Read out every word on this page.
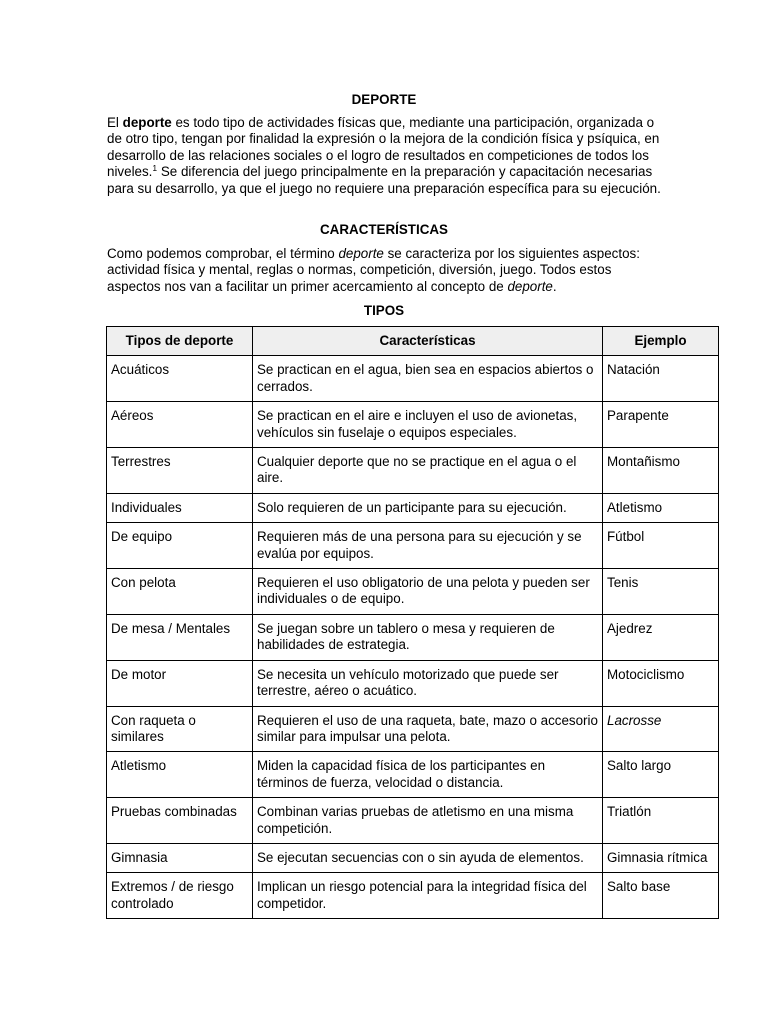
DEPORTE

El deporte es todo tipo de actividades físicas que, mediante una participación, organizada o de otro tipo, tengan por finalidad la expresión o la mejora de la condición física y psíquica, en desarrollo de las relaciones sociales o el logro de resultados en competiciones de todos los niveles.$^1$ Se diferencia del juego principalmente en la preparación y capacitación necesarias para su desarrollo, ya que el juego no requiere una preparación específica para su ejecución.

CARACTERÍSTICAS

Como podemos comprobar, el término deporte se caracteriza por los siguientes aspectos: actividad física y mental, reglas o normas, competición, diversión, juego. Todos estos aspectos nos van a facilitar un primer acercamiento al concepto de deporte.

TIPOS
Tipos de deporte	Características	Ejemplo
Acuáticos	Se practican en el agua, bien sea en espacios abiertos o cerrados.	Natación
Aéreos	Se practican en el aire e incluyen el uso de avionetas, vehículos sin fuselaje o equipos especiales.	Parapente
Terrestres	Cualquier deporte que no se practique en el agua o el aire.	Montañismo
Individuales	Solo requieren de un participante para su ejecución.	Atletismo
De equipo	Requieren más de una persona para su ejecución y se evalúa por equipos.	Fútbol
Con pelota	Requieren el uso obligatorio de una pelota y pueden ser individuales o de equipo.	Tenis
De mesa / Mentales	Se juegan sobre un tablero o mesa y requieren de habilidades de estrategia.	Ajedrez
De motor	Se necesita un vehículo motorizado que puede ser terrestre, aéreo o acuático.	Motociclismo
Con raqueta o similares	Requieren el uso de una raqueta, bate, mazo o accesorio similar para impulsar una pelota.	Lacrosse
Atletismo	Miden la capacidad física de los participantes en términos de fuerza, velocidad o distancia.	Salto largo
Pruebas combinadas	Combinan varias pruebas de atletismo en una misma competición.	Triatlón
Gimnasia	Se ejecutan secuencias con o sin ayuda de elementos.	Gimnasia rítmica
Extremos / de riesgo controlado	Implican un riesgo potencial para la integridad física del competidor.	Salto base
